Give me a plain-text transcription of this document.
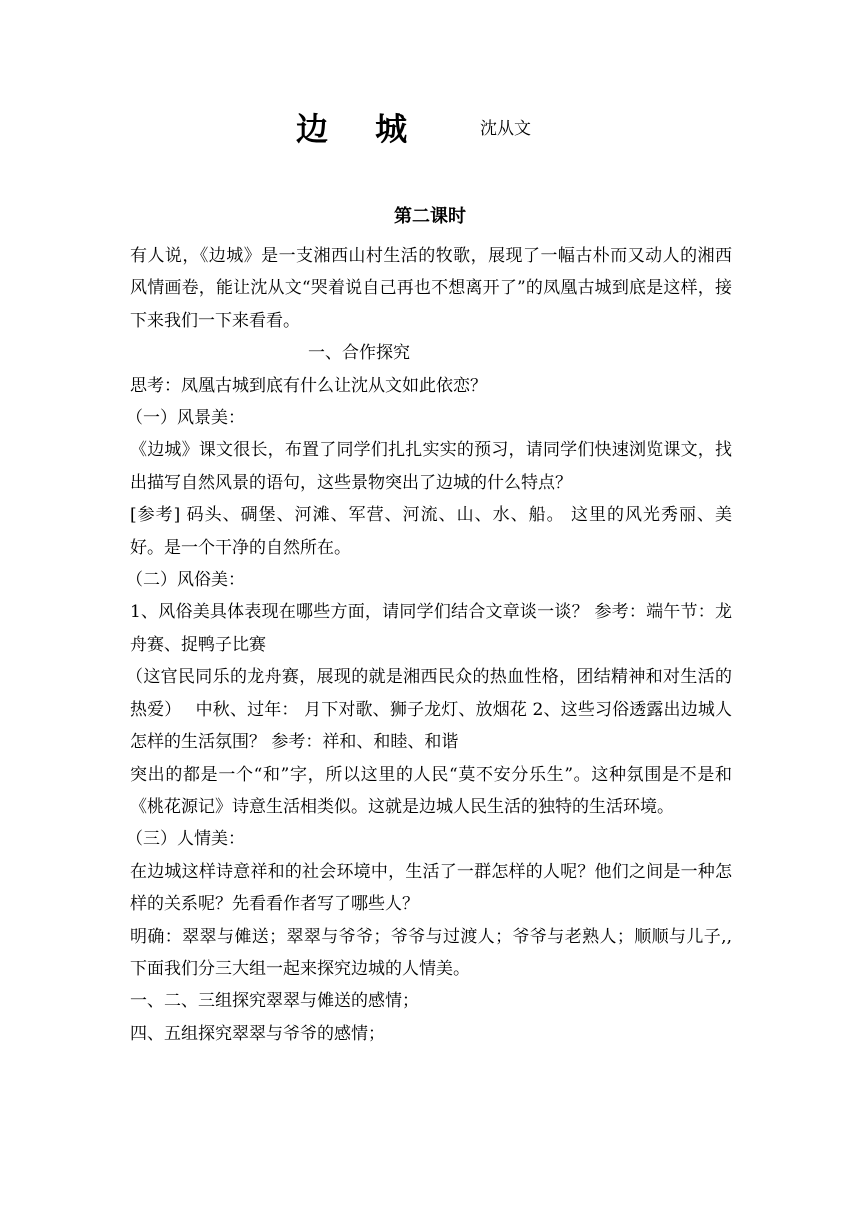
边 城	沈从文
第二课时

有人说，《边城》是一支湘西山村生活的牧歌，展现了一幅古朴而又动人的湘西风情画卷，能让沈从文“哭着说自己再也不想离开了”的凤凰古城到底是这样，接下来我们一下来看看。

一、合作探究

思考：凤凰古城到底有什么让沈从文如此依恋？

（一）风景美：

《边城》课文很长，布置了同学们扎扎实实的预习，请同学们快速浏览课文，找出描写自然风景的语句，这些景物突出了边城的什么特点？

[参考] 码头、碉堡、河滩、军营、河流、山、水、船。 这里的风光秀丽、美好。是一个干净的自然所在。

（二）风俗美：

1、风俗美具体表现在哪些方面，请同学们结合文章谈一谈？ 参考：端午节：龙舟赛、捉鸭子比赛

（这官民同乐的龙舟赛，展现的就是湘西民众的热血性格，团结精神和对生活的热爱）　 中秋、过年： 月下对歌、狮子龙灯、放烟花 2、这些习俗透露出边城人怎样的生活氛围？ 参考：祥和、和睦、和谐

突出的都是一个“和”字，所以这里的人民“莫不安分乐生”。这种氛围是不是和《桃花源记》诗意生活相类似。这就是边城人民生活的独特的生活环境。

（三）人情美：

在边城这样诗意祥和的社会环境中，生活了一群怎样的人呢？他们之间是一种怎样的关系呢？先看看作者写了哪些人？

明确：翠翠与傩送；翠翠与爷爷；爷爷与过渡人；爷爷与老熟人；顺顺与儿子,,下面我们分三大组一起来探究边城的人情美。

一、二、三组探究翠翠与傩送的感情；

四、五组探究翠翠与爷爷的感情；
